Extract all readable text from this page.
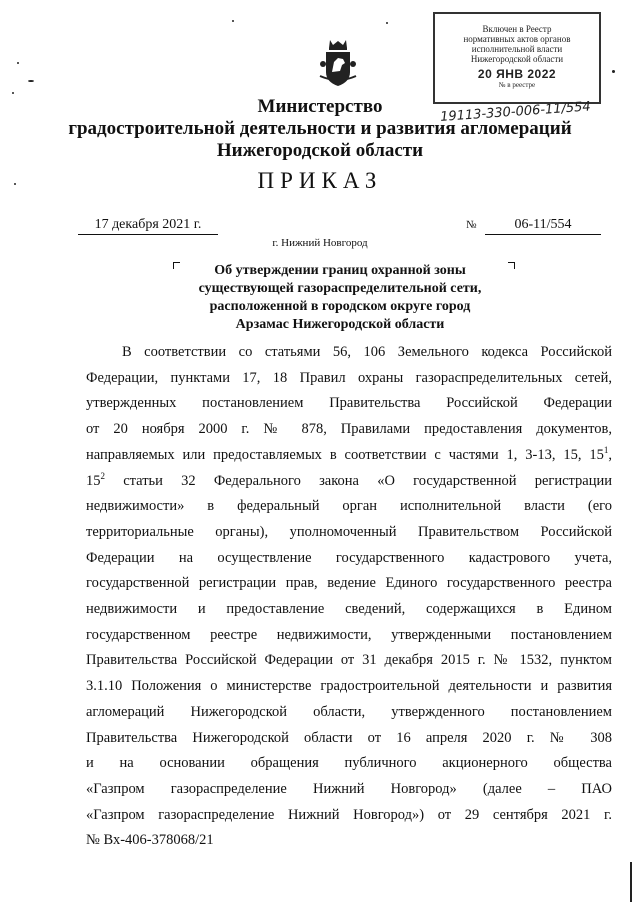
Включен в Реестр
нормативных актов органов
исполнительной власти
Нижегородской области
20 ЯНВ 2022
№ в реестре
19113-330-006-11/554
Министерство
градостроительной деятельности и развития агломераций
Нижегородской области
ПРИКАЗ
17 декабря 2021 г.	№	06-11/554
г. Нижний Новгород
Об утверждении границ охранной зоны
существующей газораспределительной сети,
расположенной в городском округе город
Арзамас Нижегородской области
В соответствии со статьями 56, 106 Земельного кодекса Российской
Федерации, пунктами 17, 18 Правил охраны газораспределительных сетей,
утвержденных постановлением Правительства Российской Федерации
от 20 ноября 2000 г. № 878, Правилами предоставления документов,
направляемых или предоставляемых в соответствии с частями 1, 3-13, 15, $15^1$,
$15^2$ статьи 32 Федерального закона «О государственной регистрации
недвижимости» в федеральный орган исполнительной власти (его
территориальные органы), уполномоченный Правительством Российской
Федерации на осуществление государственного кадастрового учета,
государственной регистрации прав, ведение Единого государственного реестра
недвижимости и предоставление сведений, содержащихся в Едином
государственном реестре недвижимости, утвержденными постановлением
Правительства Российской Федерации от 31 декабря 2015 г. № 1532, пунктом
3.1.10 Положения о министерстве градостроительной деятельности и развития
агломераций Нижегородской области, утвержденного постановлением
Правительства Нижегородской области от 16 апреля 2020 г. № 308
и на основании обращения публичного акционерного общества
«Газпром газораспределение Нижний Новгород» (далее – ПАО
«Газпром газораспределение Нижний Новгород») от 29 сентября 2021 г.
№ Вх-406-378068/21
